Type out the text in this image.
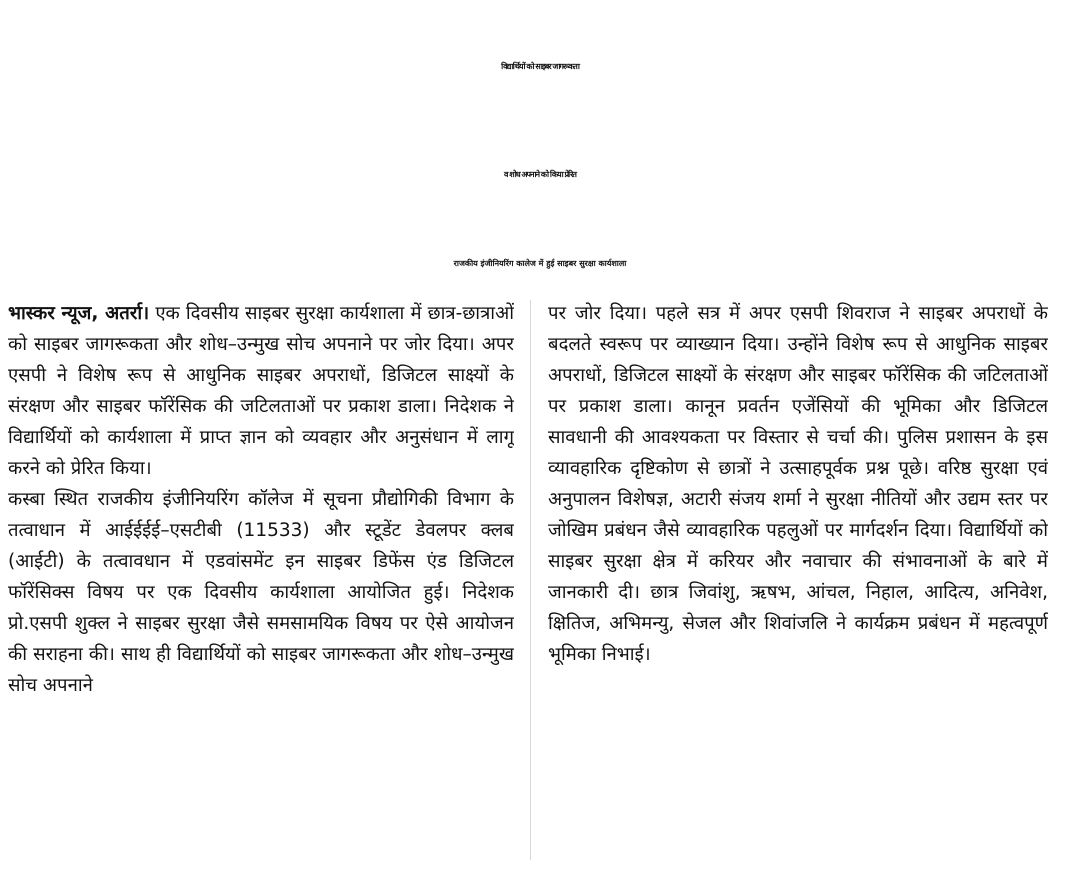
विद्यार्थियों को साइबर जागरूकता
व शोध अपनाने को किया प्रेरित
राजकीय इंजीनियरिंग कालेज में हुई साइबर सुरक्षा कार्यशाला

भास्कर न्यूज, अतर्रा। एक दिवसीय साइबर सुरक्षा कार्यशाला में छात्र-छात्राओं को साइबर जागरूकता और शोध–उन्मुख सोच अपनाने पर जोर दिया। अपर एसपी ने विशेष रूप से आधुनिक साइबर अपराधों, डिजिटल साक्ष्यों के संरक्षण और साइबर फॉरेंसिक की जटिलताओं पर प्रकाश डाला। निदेशक ने विद्यार्थियों को कार्यशाला में प्राप्त ज्ञान को व्यवहार और अनुसंधान में लागू करने को प्रेरित किया।

कस्बा स्थित राजकीय इंजीनियरिंग कॉलेज में सूचना प्रौद्योगिकी विभाग के तत्वाधान में आईईईई–एसटीबी (11533) और स्टूडेंट डेवलपर क्लब (आईटी) के तत्वावधान में एडवांसमेंट इन साइबर डिफेंस एंड डिजिटल फॉरेंसिक्स विषय पर एक दिवसीय कार्यशाला आयोजित हुई। निदेशक प्रो.एसपी शुक्ल ने साइबर सुरक्षा जैसे समसामयिक विषय पर ऐसे आयोजन की सराहना की। साथ ही विद्यार्थियों को साइबर जागरूकता और शोध–उन्मुख सोच अपनाने

पर जोर दिया। पहले सत्र में अपर एसपी शिवराज ने साइबर अपराधों के बदलते स्वरूप पर व्याख्यान दिया। उन्होंने विशेष रूप से आधुनिक साइबर अपराधों, डिजिटल साक्ष्यों के संरक्षण और साइबर फॉरेंसिक की जटिलताओं पर प्रकाश डाला। कानून प्रवर्तन एजेंसियों की भूमिका और डिजिटल सावधानी की आवश्यकता पर विस्तार से चर्चा की। पुलिस प्रशासन के इस व्यावहारिक दृष्टिकोण से छात्रों ने उत्साहपूर्वक प्रश्न पूछे। वरिष्ठ सुरक्षा एवं अनुपालन विशेषज्ञ, अटारी संजय शर्मा ने सुरक्षा नीतियों और उद्यम स्तर पर जोखिम प्रबंधन जैसे व्यावहारिक पहलुओं पर मार्गदर्शन दिया। विद्यार्थियों को साइबर सुरक्षा क्षेत्र में करियर और नवाचार की संभावनाओं के बारे में जानकारी दी। छात्र जिवांशु, ऋषभ, आंचल, निहाल, आदित्य, अनिवेश, क्षितिज, अभिमन्यु, सेजल और शिवांजलि ने कार्यक्रम प्रबंधन में महत्वपूर्ण भूमिका निभाई।
